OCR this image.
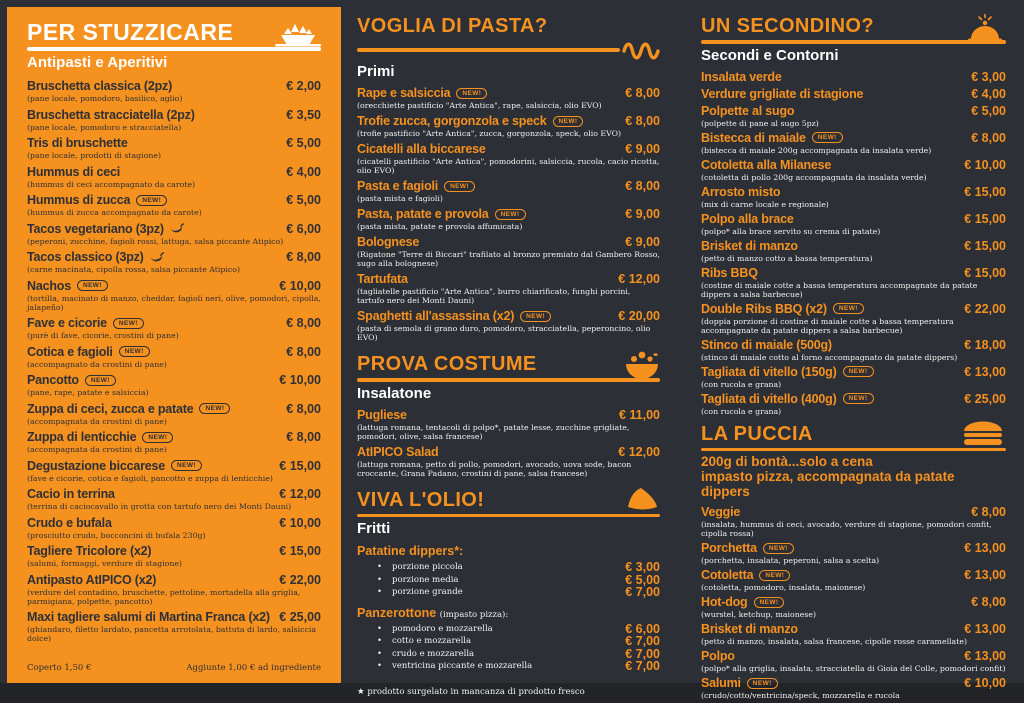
PER STUZZICARE
Antipasti e Aperitivi
Bruschetta classica (2pz)	€ 2,00
(pane locale, pomodoro, basilico, aglio)
Bruschetta stracciatella (2pz)	€ 3,50
(pane locale, pomodoro e stracciatella)
Tris di bruschette	€ 5,00
(pane locale, prodotti di stagione)
Hummus di ceci	€ 4,00
(hummus di ceci accompagnato da carote)
Hummus di zucca	NEW!	€ 5,00
(hummus di zucca accompagnato da carote)
Tacos vegetariano (3pz)	€ 6,00
(peperoni, zucchine, fagioli rossi, lattuga, salsa piccante Atipico)
Tacos classico (3pz)	€ 8,00
(carne macinata, cipolla rossa, salsa piccante Atipico)
Nachos	NEW!	€ 10,00
(tortilla, macinato di manzo, cheddar, fagioli neri, olive, pomodori, cipolla, jalapeño)
Fave e cicorie	NEW!	€ 8,00
(purè di fave, cicorie, crostini di pane)
Cotica e fagioli	NEW!	€ 8,00
(accompagnato da crostini di pane)
Pancotto	NEW!	€ 10,00
(pane, rape, patate e salsiccia)
Zuppa di ceci, zucca e patate	NEW!	€ 8,00
(accompagnata da crostini di pane)
Zuppa di lenticchie	NEW!	€ 8,00
(accompagnata da crostini di pane)
Degustazione biccarese	NEW!	€ 15,00
(fave e cicorie, cotica e fagioli, pancotto e zuppa di lenticchie)
Cacio in terrina	€ 12,00
(terrina di caciocavallo in grotta con tartufo nero dei Monti Dauni)
Crudo e bufala	€ 10,00
(prosciutto crudo, bocconcini di bufala 230g)
Tagliere Tricolore (x2)	€ 15,00
(salumi, formaggi, verdure di stagione)
Antipasto AtIPICO (x2)	€ 22,00
(verdure del contadino, bruschette, pettoline, mortadella alla griglia, parmigiana, polpette, pancotto)
Maxi tagliere salumi di Martina Franca (x2) € 25,00
(ghiandaro, filetto lardato, pancetta arrotolata, battuta di lardo, salsiccia dolce)
Coperto 1,50 €	Aggiunte 1,00 € ad ingrediente
VOGLIA DI PASTA?
Primi
Rape e salsiccia	NEW!	€ 8,00
(orecchiette pastificio "Arte Antica", rape, salsiccia, olio EVO)
Trofie zucca, gorgonzola e speck	NEW!	€ 8,00
(trofie pastificio "Arte Antica", zucca, gorgonzola, speck, olio EVO)
Cicatelli alla biccarese	€ 9,00
(cicatelli pastificio "Arte Antica", pomodorini, salsiccia, rucola, cacio ricotta, olio EVO)
Pasta e fagioli	NEW!	€ 8,00
(pasta mista e fagioli)
Pasta, patate e provola	NEW!	€ 9,00
(pasta mista, patate e provola affumicata)
Bolognese	€ 9,00
(Rigatone "Terre di Biccari" trafilato al bronzo premiato dal Gambero Rosso, sugo alla bolognese)
Tartufata	€ 12,00
(tagliatelle pastificio "Arte Antica", burro chiarificato, funghi porcini, tartufo nero dei Monti Dauni)
Spaghetti all'assassina (x2)	NEW!	€ 20,00
(pasta di semola di grano duro, pomodoro, stracciatella, peperoncino, olio EVO)
PROVA COSTUME
Insalatone
Pugliese	€ 11,00
(lattuga romana, tentacoli di polpo*, patate lesse, zucchine grigliate, pomodori, olive, salsa francese)
AtIPICO Salad	€ 12,00
(lattuga romana, petto di pollo, pomodori, avocado, uova sode, bacon croccante, Grana Padano, crostini di pane, salsa francese)
VIVA L'OLIO!
Fritti
Patatine dippers*:
• porzione piccola	€ 3,00
• porzione media	€ 5,00
• porzione grande	€ 7,00
Panzerottone (impasto pizza):
• pomodoro e mozzarella	€ 6,00
• cotto e mozzarella	€ 7,00
• crudo e mozzarella	€ 7,00
• ventricina piccante e mozzarella	€ 7,00
★ prodotto surgelato in mancanza di prodotto fresco
UN SECONDINO?
Secondi e Contorni
Insalata verde	€ 3,00
Verdure grigliate di stagione	€ 4,00
Polpette al sugo	€ 5,00
(polpette di pane al sugo 5pz)
Bistecca di maiale	NEW!	€ 8,00
(bistecca di maiale 200g accompagnata da insalata verde)
Cotoletta alla Milanese	€ 10,00
(cotoletta di pollo 200g accompagnata da insalata verde)
Arrosto misto	€ 15,00
(mix di carne locale e regionale)
Polpo alla brace	€ 15,00
(polpo* alla brace servito su crema di patate)
Brisket di manzo	€ 15,00
(petto di manzo cotto a bassa temperatura)
Ribs BBQ	€ 15,00
(costine di maiale cotte a bassa temperatura accompagnate da patate dippers a salsa barbecue)
Double Ribs BBQ (x2)	NEW!	€ 22,00
(doppia porzione di costine di maiale cotte a bassa temperatura accompagnate da patate dippers a salsa barbecue)
Stinco di maiale (500g)	€ 18,00
(stinco di maiale cotto al forno accompagnato da patate dippers)
Tagliata di vitello (150g)	NEW!	€ 13,00
(con rucola e grana)
Tagliata di vitello (400g)	NEW!	€ 25,00
(con rucola e grana)
LA PUCCIA
200g di bontà...solo a cena
impasto pizza, accompagnata da patate dippers
Veggie	€ 8,00
(insalata, hummus di ceci, avocado, verdure di stagione, pomodori confit, cipolla rossa)
Porchetta	NEW!	€ 13,00
(porchetta, insalata, peperoni, salsa a scelta)
Cotoletta	NEW!	€ 13,00
(cotoletta, pomodoro, insalata, maionese)
Hot-dog	NEW!	€ 8,00
(wurstel, ketchup, maionese)
Brisket di manzo	€ 13,00
(petto di manzo, insalata, salsa francese, cipolle rosse caramellate)
Polpo	€ 13,00
(polpo* alla griglia, insalata, stracciatella di Gioia del Colle, pomodori confit)
Salumi	NEW!	€ 10,00
(crudo/cotto/ventricina/speck, mozzarella e rucola
